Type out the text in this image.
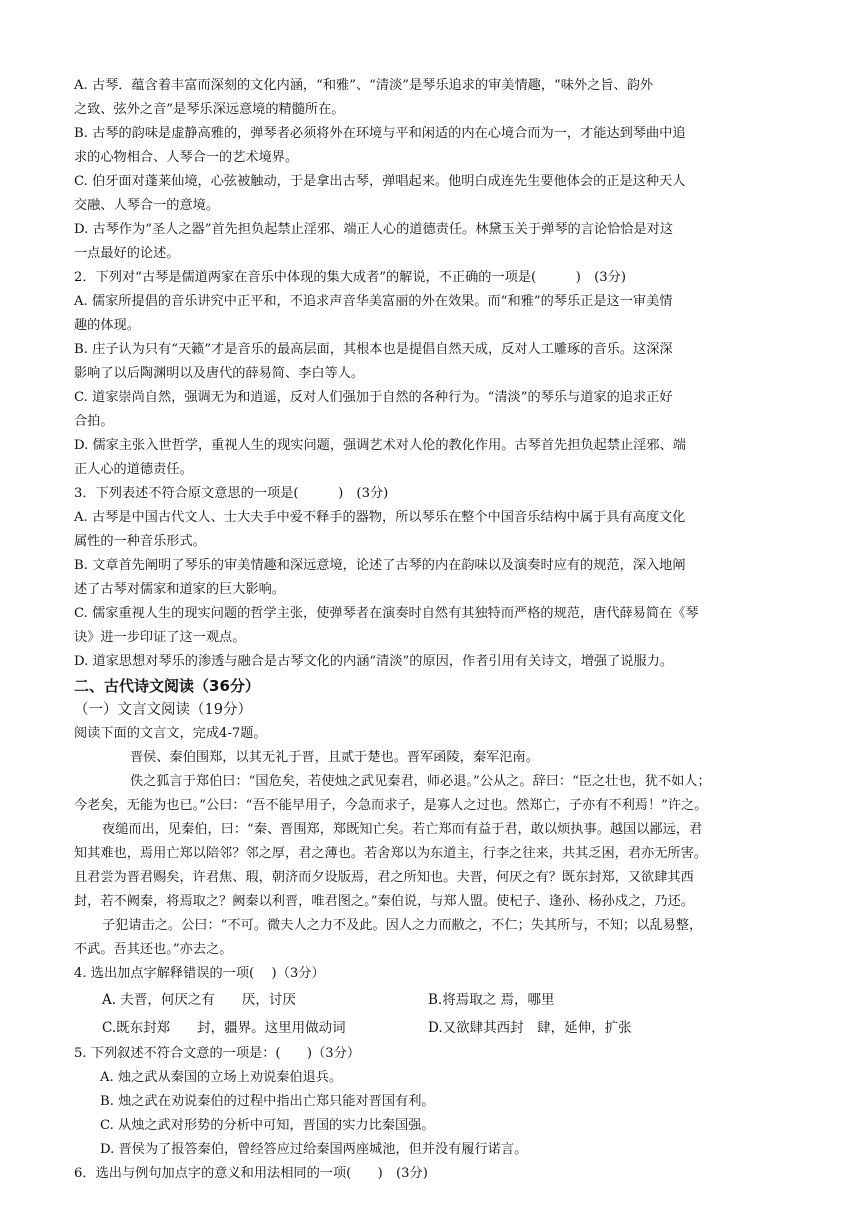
A. 古琴．蕴含着丰富而深刻的文化内涵，“和雅”、“清淡”是琴乐追求的审美情趣，“味外之旨、韵外
之致、弦外之音”是琴乐深远意境的精髓所在。
B. 古琴的韵味是虚静高雅的，弹琴者必须将外在环境与平和闲适的内在心境合而为一，才能达到琴曲中追
求的心物相合、人琴合一的艺术境界。
C. 伯牙面对蓬莱仙境，心弦被触动，于是拿出古琴，弹唱起来。他明白成连先生要他体会的正是这种天人
交融、人琴合一的意境。
D. 古琴作为“圣人之器”首先担负起禁止淫邪、端正人心的道德责任。林黛玉关于弹琴的言论恰恰是对这
一点最好的论述。
2．下列对“古琴是儒道两家在音乐中体现的集大成者”的解说，不正确的一项是(　　　)　(3分)
A. 儒家所提倡的音乐讲究中正平和，不追求声音华美富丽的外在效果。而“和雅”的琴乐正是这一审美情
趣的体现。
B. 庄子认为只有“天籁”才是音乐的最高层面，其根本也是提倡自然天成，反对人工雕琢的音乐。这深深
影响了以后陶渊明以及唐代的薛易简、李白等人。
C. 道家崇尚自然，强调无为和逍遥，反对人们强加于自然的各种行为。“清淡”的琴乐与道家的追求正好
合拍。
D. 儒家主张入世哲学，重视人生的现实问题，强调艺术对人伦的教化作用。古琴首先担负起禁止淫邪、端
正人心的道德责任。
3．下列表述不符合原文意思的一项是(　　　)　(3分)
A. 古琴是中国古代文人、士大夫手中爱不释手的器物，所以琴乐在整个中国音乐结构中属于具有高度文化
属性的一种音乐形式。
B. 文章首先阐明了琴乐的审美情趣和深远意境，论述了古琴的内在韵味以及演奏时应有的规范，深入地阐
述了古琴对儒家和道家的巨大影响。
C. 儒家重视人生的现实问题的哲学主张，使弹琴者在演奏时自然有其独特而严格的规范，唐代薛易简在《琴
诀》进一步印证了这一观点。
D. 道家思想对琴乐的渗透与融合是古琴文化的内涵“清淡”的原因，作者引用有关诗文，增强了说服力。
二、古代诗文阅读（36分）
（一）文言文阅读（19分）
阅读下面的文言文，完成4-7题。
晋侯、秦伯围郑，以其无礼于晋，且贰于楚也。晋军函陵，秦军氾南。
佚之狐言于郑伯曰：“国危矣，若使烛之武见秦君，师必退。”公从之。辞曰：“臣之壮也，犹不如人；
今老矣，无能为也已。”公曰：“吾不能早用子，今急而求子，是寡人之过也。然郑亡，子亦有不利焉！”许之。
夜缒而出，见秦伯，曰：“秦、晋围郑，郑既知亡矣。若亡郑而有益于君，敢以烦执事。越国以鄙远，君
知其难也，焉用亡郑以陪邻？邻之厚，君之薄也。若舍郑以为东道主，行李之往来，共其乏困，君亦无所害。
且君尝为晋君赐矣，许君焦、瑕，朝济而夕设版焉，君之所知也。夫晋，何厌之有？既东封郑，又欲肆其西
封，若不阙秦，将焉取之？阙秦以利晋，唯君图之。”秦伯说，与郑人盟。使杞子、逢孙、杨孙戍之，乃还。
子犯请击之。公曰：“不可。微夫人之力不及此。因人之力而敝之，不仁；失其所与，不知；以乱易整，
不武。吾其还也。”亦去之。
4. 选出加点字解释错误的一项(　 )（3分）
A. 夫晋，何厌之有　　厌，讨厌	B.将焉取之 焉，哪里
C.既东封郑　　封，疆界。这里用做动词	D.又欲肆其西封　肆，延伸，扩张
5. 下列叙述不符合文意的一项是：(　　)（3分）
A. 烛之武从秦国的立场上劝说秦伯退兵。
B. 烛之武在劝说秦伯的过程中指出亡郑只能对晋国有利。
C. 从烛之武对形势的分析中可知，晋国的实力比秦国强。
D. 晋侯为了报答秦伯，曾经答应过给秦国两座城池，但并没有履行诺言。
6．选出与例句加点字的意义和用法相同的一项(　　)　(3分)
